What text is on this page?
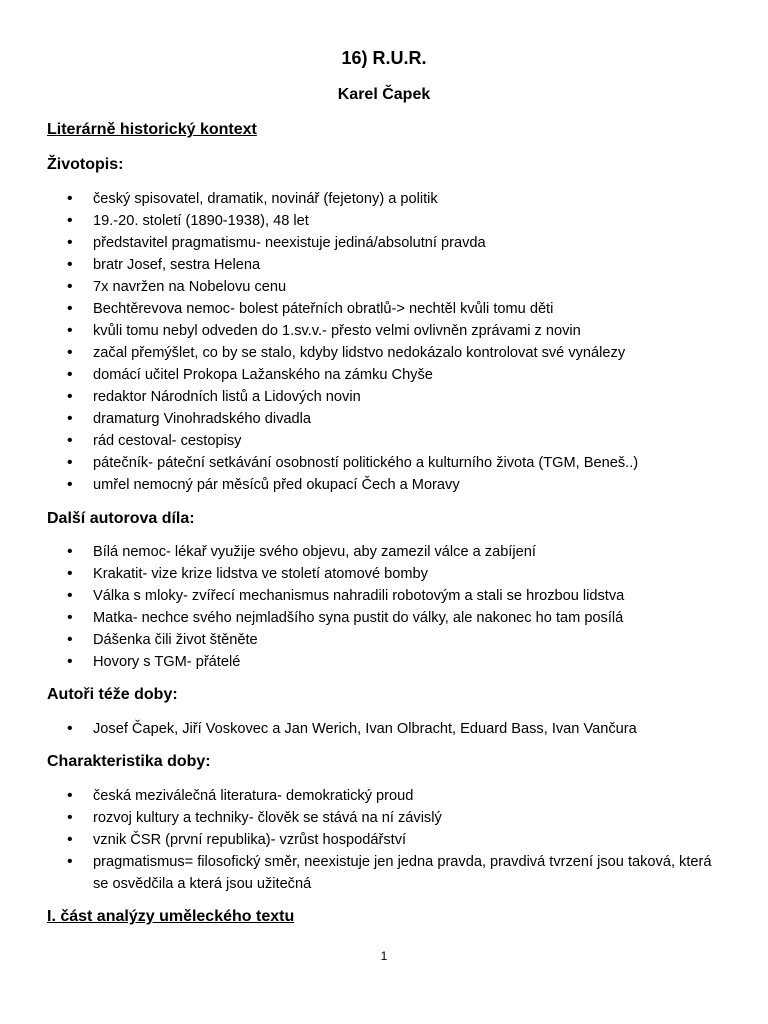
16) R.U.R.
Karel Čapek
Literárně historický kontext
Životopis:
• český spisovatel, dramatik, novinář (fejetony) a politik
• 19.-20. století (1890-1938), 48 let
• představitel pragmatismu- neexistuje jediná/absolutní pravda
• bratr Josef, sestra Helena
• 7x navržen na Nobelovu cenu
• Bechtěrevova nemoc- bolest páteřních obratlů-> nechtěl kvůli tomu děti
• kvůli tomu nebyl odveden do 1.sv.v.- přesto velmi ovlivněn zprávami z novin
• začal přemýšlet, co by se stalo, kdyby lidstvo nedokázalo kontrolovat své vynálezy
• domácí učitel Prokopa Lažanského na zámku Chyše
• redaktor Národních listů a Lidových novin
• dramaturg Vinohradského divadla
• rád cestoval- cestopisy
• pátečník- páteční setkávání osobností politického a kulturního života (TGM, Beneš..)
• umřel nemocný pár měsíců před okupací Čech a Moravy
Další autorova díla:
• Bílá nemoc- lékař využije svého objevu, aby zamezil válce a zabíjení
• Krakatit- vize krize lidstva ve století atomové bomby
• Válka s mloky- zvířecí mechanismus nahradili robotovým a stali se hrozbou lidstva
• Matka- nechce svého nejmladšího syna pustit do války, ale nakonec ho tam posílá
• Dášenka čili život štěněte
• Hovory s TGM- přátelé
Autoři téže doby:
• Josef Čapek, Jiří Voskovec a Jan Werich, Ivan Olbracht, Eduard Bass, Ivan Vančura
Charakteristika doby:
• česká meziválečná literatura- demokratický proud
• rozvoj kultury a techniky- člověk se stává na ní závislý
• vznik ČSR (první republika)- vzrůst hospodářství
• pragmatismus= filosofický směr, neexistuje jen jedna pravda, pravdivá tvrzení jsou taková, která se osvědčila a která jsou užitečná
I. část analýzy uměleckého textu
1
